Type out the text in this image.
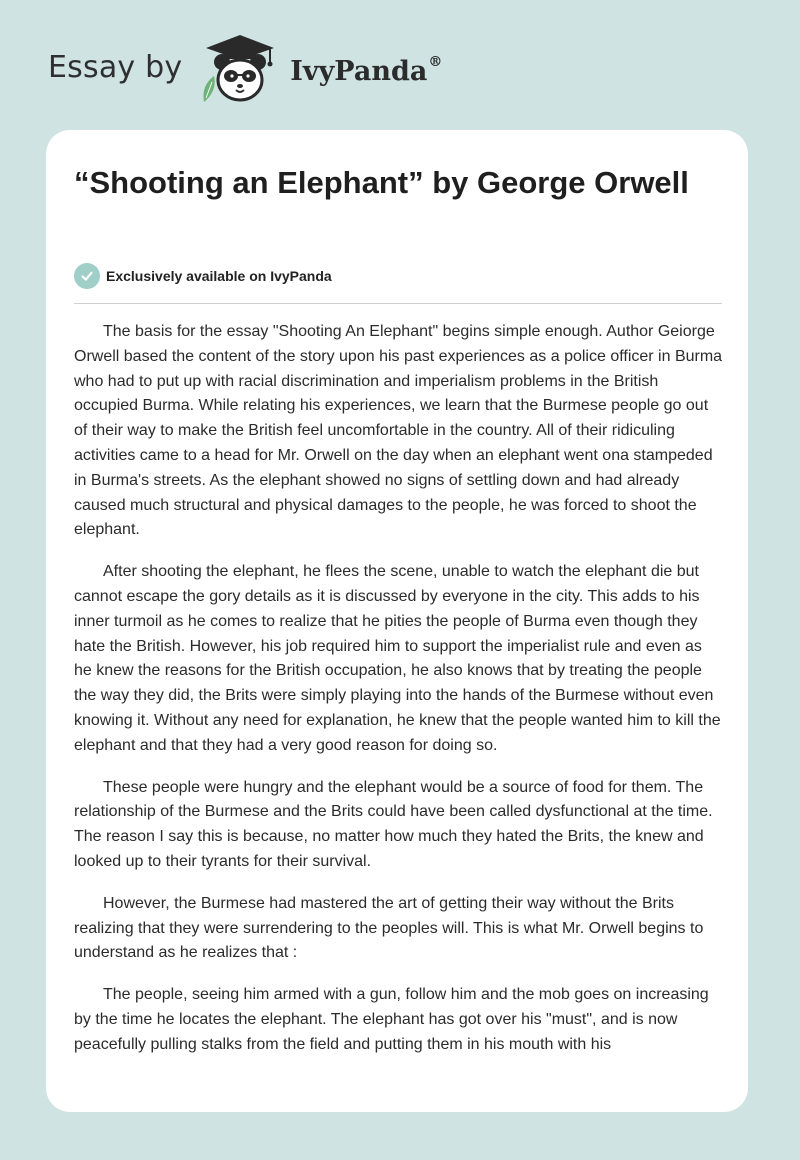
Essay by	IvyPanda®
“Shooting an Elephant” by George Orwell
Exclusively available on IvyPanda

The basis for the essay "Shooting An Elephant" begins simple enough. Author Geiorge Orwell based the content of the story upon his past experiences as a police officer in Burma who had to put up with racial discrimination and imperialism problems in the British occupied Burma. While relating his experiences, we learn that the Burmese people go out of their way to make the British feel uncomfortable in the country. All of their ridiculing activities came to a head for Mr. Orwell on the day when an elephant went ona stampeded in Burma's streets. As the elephant showed no signs of settling down and had already caused much structural and physical damages to the people, he was forced to shoot the elephant.

After shooting the elephant, he flees the scene, unable to watch the elephant die but cannot escape the gory details as it is discussed by everyone in the city. This adds to his inner turmoil as he comes to realize that he pities the people of Burma even though they hate the British. However, his job required him to support the imperialist rule and even as he knew the reasons for the British occupation, he also knows that by treating the people the way they did, the Brits were simply playing into the hands of the Burmese without even knowing it. Without any need for explanation, he knew that the people wanted him to kill the elephant and that they had a very good reason for doing so.

These people were hungry and the elephant would be a source of food for them. The relationship of the Burmese and the Brits could have been called dysfunctional at the time. The reason I say this is because, no matter how much they hated the Brits, the knew and looked up to their tyrants for their survival.

However, the Burmese had mastered the art of getting their way without the Brits realizing that they were surrendering to the peoples will. This is what Mr. Orwell begins to understand as he realizes that :

The people, seeing him armed with a gun, follow him and the mob goes on increasing by the time he locates the elephant. The elephant has got over his "must", and is now peacefully pulling stalks from the field and putting them in his mouth with his
